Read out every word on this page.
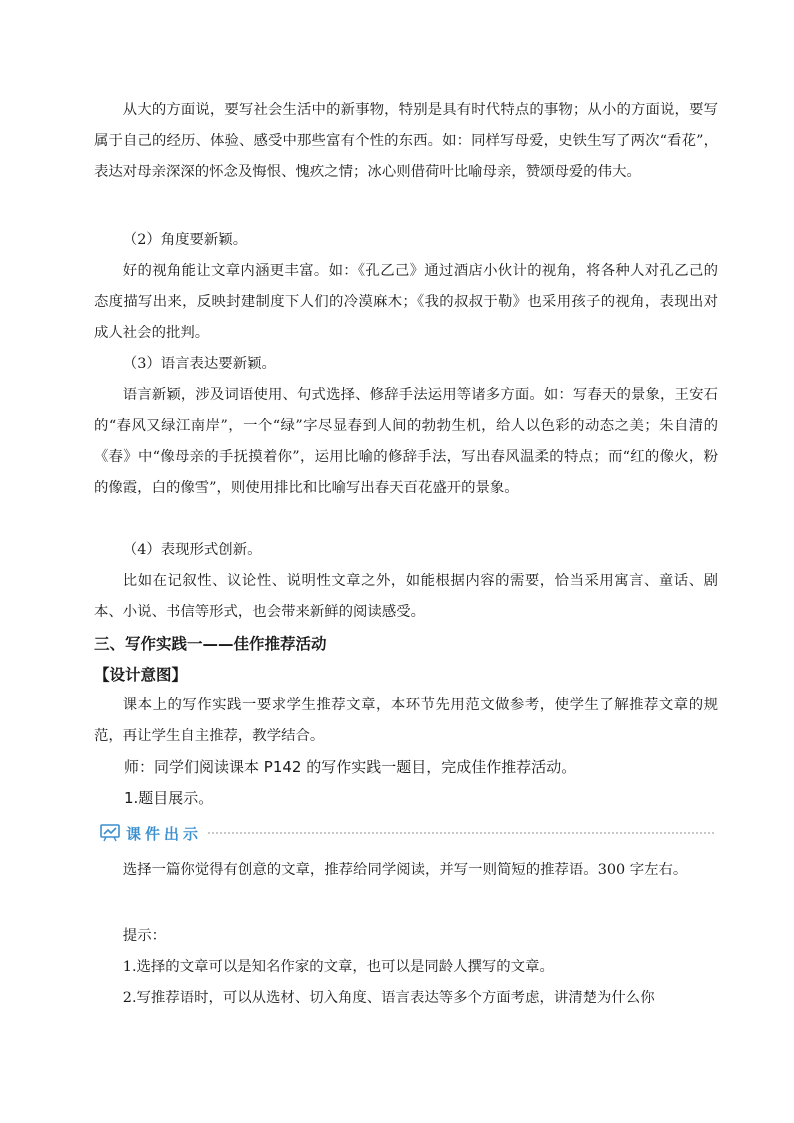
从大的方面说，要写社会生活中的新事物，特别是具有时代特点的事物；从小的方面说，要写属于自己的经历、体验、感受中那些富有个性的东西。如：同样写母爱，史铁生写了两次“看花”，表达对母亲深深的怀念及悔恨、愧疚之情；冰心则借荷叶比喻母亲，赞颂母爱的伟大。

（2）角度要新颖。

好的视角能让文章内涵更丰富。如：《孔乙己》通过酒店小伙计的视角，将各种人对孔乙己的态度描写出来，反映封建制度下人们的冷漠麻木；《我的叔叔于勒》也采用孩子的视角，表现出对成人社会的批判。

（3）语言表达要新颖。

语言新颖，涉及词语使用、句式选择、修辞手法运用等诸多方面。如：写春天的景象，王安石的“春风又绿江南岸”，一个“绿”字尽显春到人间的勃勃生机，给人以色彩的动态之美；朱自清的《春》中“像母亲的手抚摸着你”，运用比喻的修辞手法，写出春风温柔的特点；而“红的像火，粉的像霞，白的像雪”，则使用排比和比喻写出春天百花盛开的景象。

（4）表现形式创新。

比如在记叙性、议论性、说明性文章之外，如能根据内容的需要，恰当采用寓言、童话、剧本、小说、书信等形式，也会带来新鲜的阅读感受。

三、写作实践一——佳作推荐活动

【设计意图】

课本上的写作实践一要求学生推荐文章，本环节先用范文做参考，使学生了解推荐文章的规范，再让学生自主推荐，教学结合。

师：同学们阅读课本 P142 的写作实践一题目，完成佳作推荐活动。

1.题目展示。

课件出示

选择一篇你觉得有创意的文章，推荐给同学阅读，并写一则简短的推荐语。300 字左右。

提示：

1.选择的文章可以是知名作家的文章，也可以是同龄人撰写的文章。

2.写推荐语时，可以从选材、切入角度、语言表达等多个方面考虑，讲清楚为什么你
